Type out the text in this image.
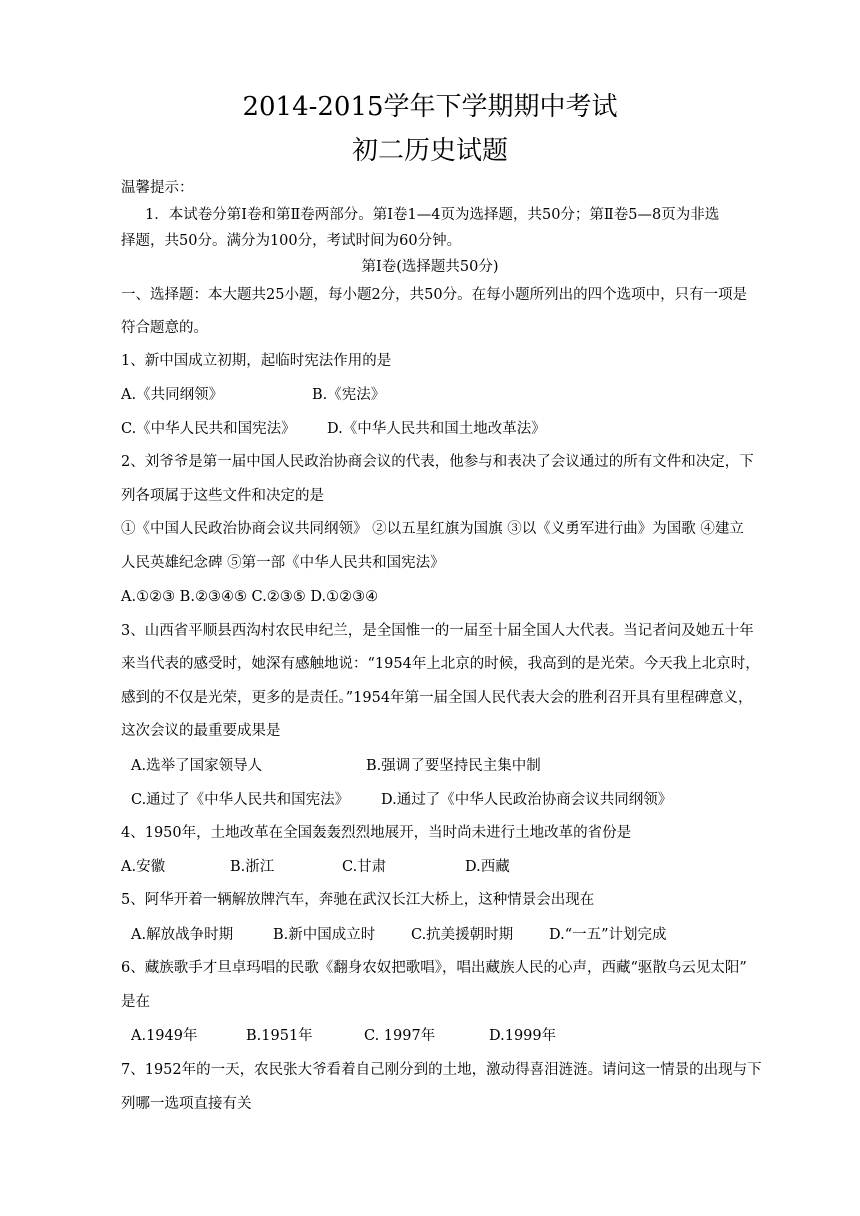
2014-2015学年下学期期中考试
初二历史试题
温馨提示：
1．本试卷分第Ⅰ卷和第Ⅱ卷两部分。第Ⅰ卷1—4页为选择题，共50分；第Ⅱ卷5—8页为非选
择题，共50分。满分为100分，考试时间为60分钟。
第Ⅰ卷(选择题共50分)
一、选择题：本大题共25小题，每小题2分，共50分。在每小题所列出的四个选项中，只有一项是
符合题意的。
1、新中国成立初期，起临时宪法作用的是
A.《共同纲领》	B.《宪法》
C.《中华人民共和国宪法》 D.《中华人民共和国土地改革法》
2、刘爷爷是第一届中国人民政治协商会议的代表，他参与和表决了会议通过的所有文件和决定，下
列各项属于这些文件和决定的是
①《中国人民政治协商会议共同纲领》 ②以五星红旗为国旗 ③以《义勇军进行曲》为国歌 ④建立
人民英雄纪念碑 ⑤第一部《中华人民共和国宪法》
A.①②③ B.②③④⑤ C.②③⑤ D.①②③④
3、山西省平顺县西沟村农民申纪兰，是全国惟一的一届至十届全国人大代表。当记者问及她五十年
来当代表的感受时，她深有感触地说：“1954年上北京的时候，我高到的是光荣。今天我上北京时，
感到的不仅是光荣，更多的是责任。”1954年第一届全国人民代表大会的胜利召开具有里程碑意义，
这次会议的最重要成果是
A.选举了国家领导人	B.强调了要坚持民主集中制
C.通过了《中华人民共和国宪法》 D.通过了《中华人民政治协商会议共同纲领》
4、1950年，土地改革在全国轰轰烈烈地展开，当时尚未进行土地改革的省份是
A.安徽	B.浙江	C.甘肃	D.西藏
5、阿华开着一辆解放牌汽车，奔驰在武汉长江大桥上，这种情景会出现在
A.解放战争时期	B.新中国成立时 C.抗美援朝时期 D.“一五”计划完成
6、藏族歌手才旦卓玛唱的民歌《翻身农奴把歌唱》，唱出藏族人民的心声，西藏“驱散乌云见太阳”
是在
A.1949年	B.1951年	C. 1997年	D.1999年
7、1952年的一天，农民张大爷看着自己刚分到的土地，激动得喜泪涟涟。请问这一情景的出现与下
列哪一选项直接有关
